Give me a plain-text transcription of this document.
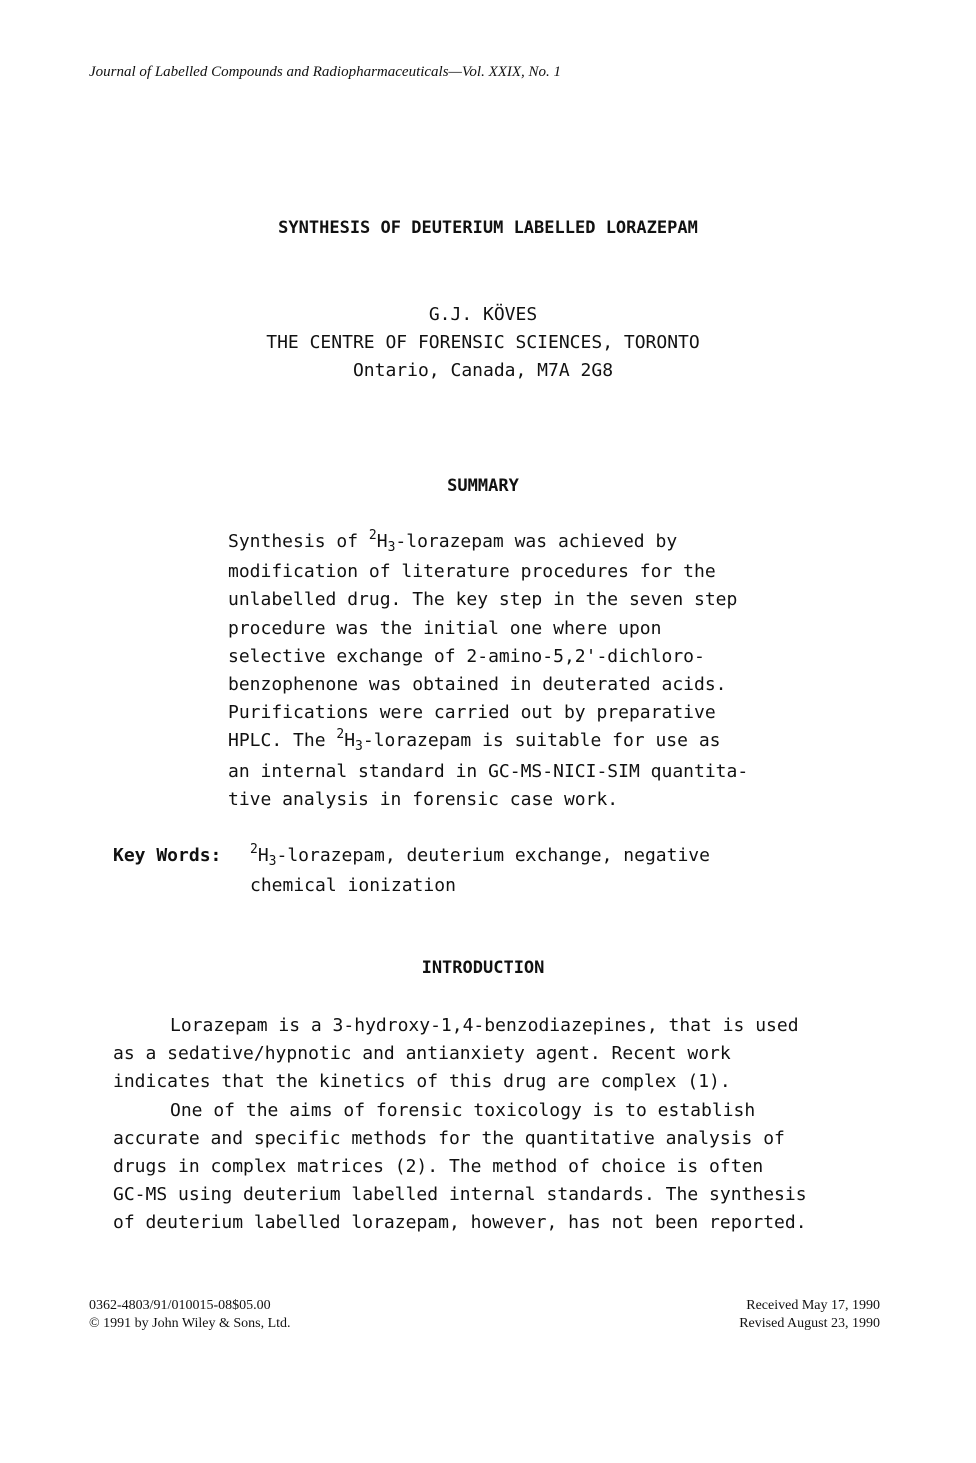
Journal of Labelled Compounds and Radiopharmaceuticals—Vol. XXIX, No. 1
SYNTHESIS OF DEUTERIUM LABELLED LORAZEPAM
G.J. KÖVES
THE CENTRE OF FORENSIC SCIENCES, TORONTO
Ontario, Canada, M7A 2G8
SUMMARY
Synthesis of $^2H_3$-lorazepam was achieved by
modification of literature procedures for the
unlabelled drug. The key step in the seven step
procedure was the initial one where upon
selective exchange of 2-amino-5,2'-dichloro-
benzophenone was obtained in deuterated acids.
Purifications were carried out by preparative
HPLC. The $^2H_3$-lorazepam is suitable for use as
an internal standard in GC-MS-NICI-SIM quantita-
tive analysis in forensic case work.
Key Words: $^2H_3$-lorazepam, deuterium exchange, negative
chemical ionization
INTRODUCTION
Lorazepam is a 3-hydroxy-1,4-benzodiazepines, that is used
as a sedative/hypnotic and antianxiety agent. Recent work
indicates that the kinetics of this drug are complex (1).
One of the aims of forensic toxicology is to establish
accurate and specific methods for the quantitative analysis of
drugs in complex matrices (2). The method of choice is often
GC-MS using deuterium labelled internal standards. The synthesis
of deuterium labelled lorazepam, however, has not been reported.
0362-4803/91/010015-08$05.00
© 1991 by John Wiley & Sons, Ltd.
Received May 17, 1990
Revised August 23, 1990
